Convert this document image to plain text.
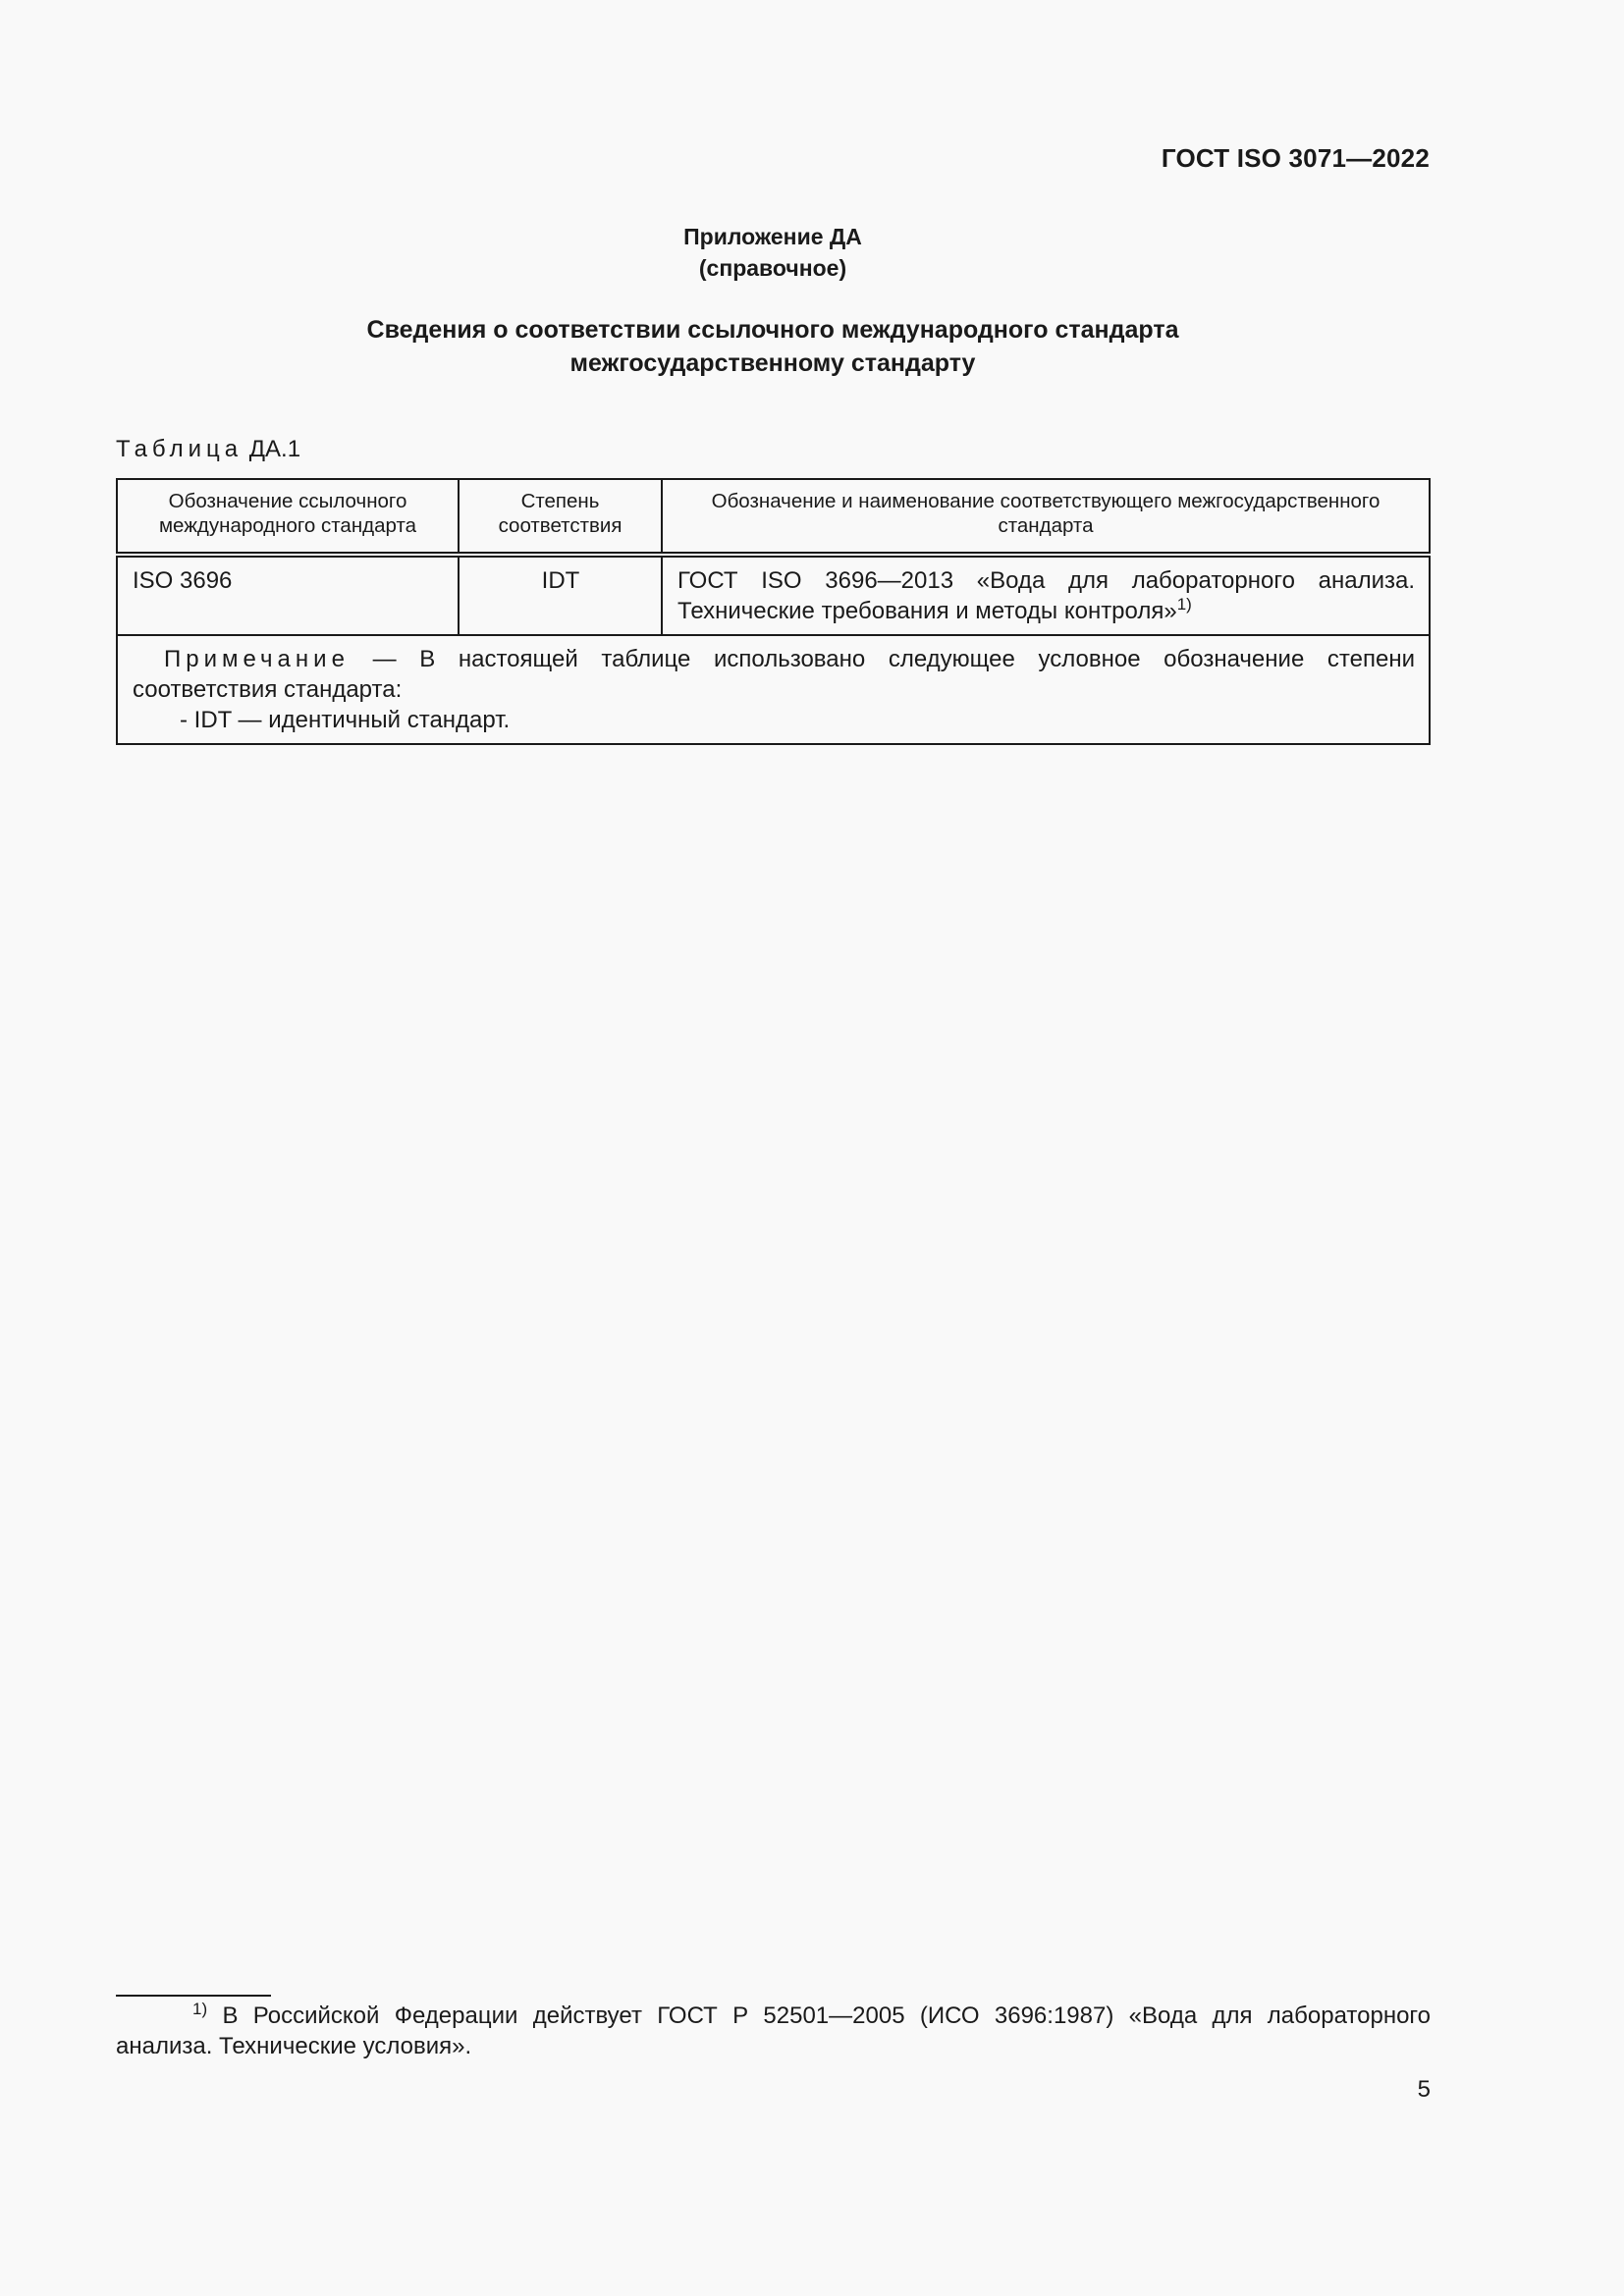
ГОСТ ISO 3071—2022
Приложение ДА
(справочное)
Сведения о соответствии ссылочного международного стандарта
межгосударственному стандарту
Таблица ДА.1
Обозначение ссылочного международного стандарта	Степень соответствия	Обозначение и наименование соответствующего межгосударственного стандарта
ISO 3696	IDT	ГОСТ ISO 3696—2013 «Вода для лабораторного анализа. Технические требования и методы контроля»$^{1)}$
Примечание — В настоящей таблице использовано следующее условное обозначение степени соответствия стандарта:
- IDT — идентичный стандарт.		
$^{1)}$ В Российской Федерации действует ГОСТ Р 52501—2005 (ИСО 3696:1987) «Вода для лабораторного анализа. Технические условия».
5
